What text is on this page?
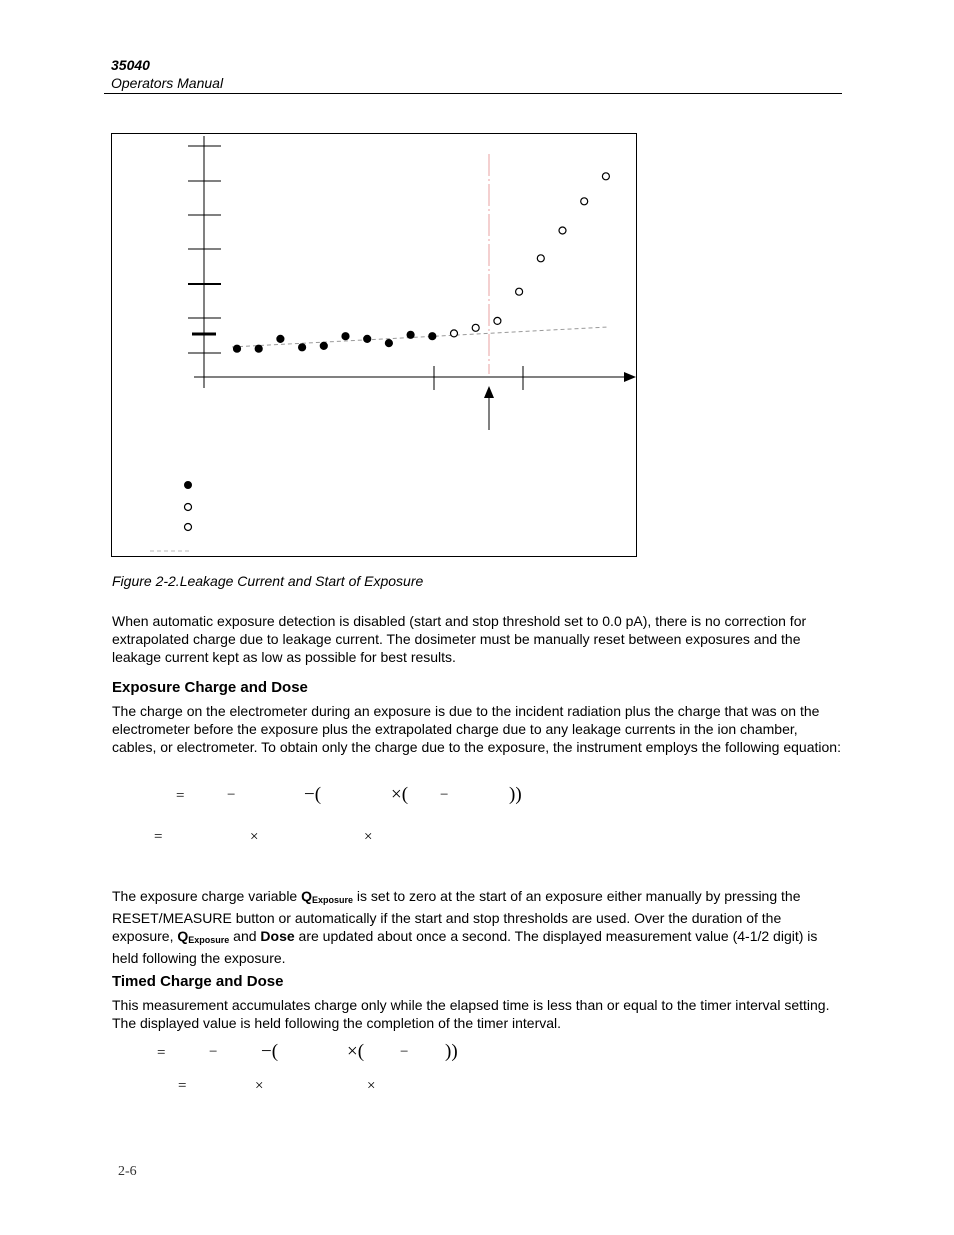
35040
Operators Manual
Figure 2-2.Leakage Current and Start of Exposure
When automatic exposure detection is disabled (start and stop threshold set to 0.0 pA), there is no correction for extrapolated charge due to leakage current. The dosimeter must be manually reset between exposures and the leakage current kept as low as possible for best results.
Exposure Charge and Dose
The charge on the electrometer during an exposure is due to the incident radiation plus the charge that was on the electrometer before the exposure plus the extrapolated charge due to any leakage currents in the ion chamber, cables, or electrometer. To obtain only the charge due to the exposure, the instrument employs the following equation:
=	−	−(	×( −	))
=	×	×
The exposure charge variable $Q_{Exposure}$ is set to zero at the start of an exposure either manually by pressing the RESET/MEASURE button or automatically if the start and stop thresholds are used. Over the duration of the exposure, $Q_{Exposure}$ and Dose are updated about once a second. The displayed measurement value (4-1/2 digit) is held following the exposure.
Timed Charge and Dose
This measurement accumulates charge only while the elapsed time is less than or equal to the timer interval setting. The displayed value is held following the completion of the timer interval.
=	− −(	×( − ))
=	×	×
2-6
